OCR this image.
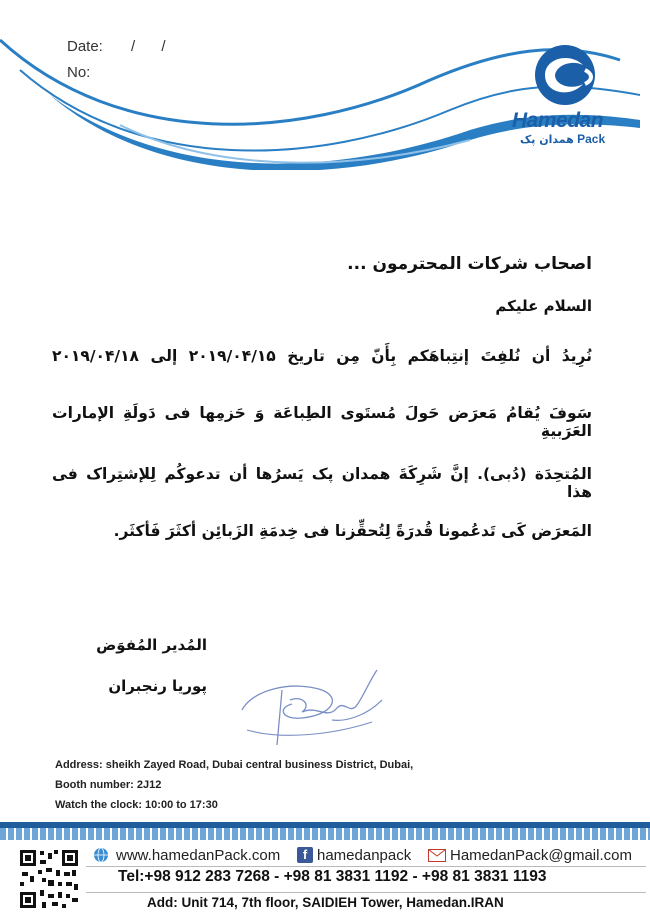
Date: / /
No:
Hamedan
همدان پک Pack
اصحاب شرکات المحترمون ...
السلام علیکم
نُرِیدُ أن نُلفِتَ إنتِباهَکم بِأَنّ مِن تاریخ ۲۰۱۹/۰۴/۱۵ إلی ۲۰۱۹/۰۴/۱۸
سَوفَ یُقامُ مَعرَض حَولَ مُستَوی الطِباعَة وَ حَزمِها فی دَولَةِ الإمارات العَرَبیةِ
المُتحِدَة (دُبی). إنَّ شَرِکَةَ همدان پک یَسرُها أن تدعوکُم لِلإشتِراک فی هذا
المَعرَض کَی تَدعُمونا قُدرَةً لِتُحقِّزنا فی خِدمَةِ الزَبائِن أکثَرَ فَأکثَر.
المُدیر المُفوَض
پوریا رنجبران
Address: sheikh Zayed Road, Dubai central business District, Dubai,
Booth number: 2J12
Watch the clock: 10:00 to 17:30
www.hamedanPack.com	f hamedanpack	HamedanPack@gmail.com
Tel:+98 912 283 7268 - +98 81 3831 1192 - +98 81 3831 1193
Add: Unit 714, 7th floor, SAIDIEH Tower, Hamedan.IRAN
